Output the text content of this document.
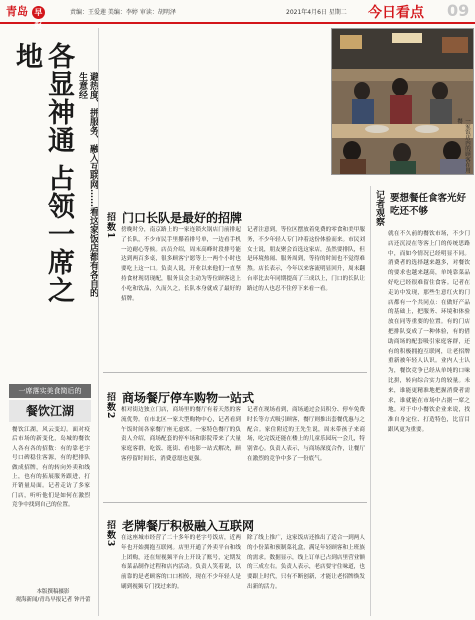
青岛 早报
责编：王爱莲 美编：李婷 审读：胡明泽	2021年4月6日 星期二 今日看点 09
各显神通 占领一席之地
避热度、拼服务、融入互联网……看这家饭店都有各自的生意经
一席落实美食简后的
餐饮江湖
餐饮江湖，风云变幻。面对疫后市场的新变化，岛城的餐饮人各有各的招数：有的靠老字号口碑稳住客源，有的把排队做成招牌，有的转向外卖和线上，也有的拓展服务跟进，打开销量局面。记者走访了多家门店，听听他们是如何在激烈竞争中找到自己的位置。
本版撰稿摄影
观海新闻/青岛早报记者 钟丹蕾
招数1 门口长队是最好的招牌
傍晚时分，南京路上的一家连锁火锅店门前排起了长队，不少市民手里攥着排号单，一边看手机一边耐心等候。店员介绍，周末高峰时段排号能达到两百多桌，很多顾客宁愿等上一两个小时也要吃上这一口。负责人说，开业以来他们一直坚持食材现切现配，服务员会主动为等位顾客送上小吃和饮品，久而久之，长队本身就成了最好的招牌。
记者注意到，等位区摆放着免费的零食和美甲服务，不少年轻人专门冲着这份体验而来。市民刘女士说，朋友聚会首选这家店，虽然要排队，但是环境热闹、服务周到，等待的时间也不觉得难熬。店长表示，今年以来客流明显回升，周末翻台率比去年同期提高了三成以上，门口的长队让路过的人也忍不住停下来看一看。
招数2 商场餐厅停车购物一站式
相对街边独立门店，商场里的餐厅有着天然的客流优势。在市北区一家大型购物中心，记者看到午饭时间各家餐厅座无虚席。一家特色餐厅的负责人介绍，商场配套的停车场和影院带来了大量家庭客群，吃饭、逛街、看电影一站式解决，顾客停留时间长，消费意愿也更强。
记者在现场看到，商场通过会员积分、停车免费时长等方式吸引顾客，餐厅则推出套餐优惠与之配合。家住附近的王先生说，周末带孩子来商场，吃完饭还能在楼上的儿童乐园玩一会儿，特别省心。负责人表示，与商场深度合作，让餐厅在激烈的竞争中多了一份底气。
招数3 老牌餐厅积极融入互联网
在这座城市经营了二十多年的老字号饭店，近两年也开始拥抱互联网。店里开通了外卖平台和线上团购，还在短视频平台上开设了账号，定期发布菜品制作过程和店内活动。负责人笑着说，以前靠的是老顾客的口口相传，现在不少年轻人是刷到视频专门找过来的。
除了线上推广，这家饭店还推出了适合一到两人的小份菜和预制菜礼盒，满足年轻顾客和上班族的需求。数据显示，线上订单已占到店里营业额的三成左右。负责人表示，老店要守住味道，也要跟上时代，只有不断创新，才能让老招牌焕发出新的活力。
一家饭店内的顾客在用餐
记者观察 要想餐任食客光好吃还不够
就在不久前的餐饮市场，不少门店还沉浸在等客上门的传统思路中，而如今情况已经明显不同。消费者的选择越来越多，对餐饮的要求也越来越高，单纯靠菜品好吃已经很难留住食客。记者在走访中发现，那些生意红火的门店都有一个共同点：在做好产品的基础上，把服务、环境和体验放在同等重要的位置。有的门店把排队变成了一种体验，有的借助商场的配套吸引家庭客群，还有的积极拥抱互联网，让老招牌重新被年轻人认识。业内人士认为，餐饮竞争已经从单纯的口味比拼，转向综合实力的较量。未来，谁能更精准地把握消费者需求，谁就能在市场中占据一席之地。对于中小餐饮企业来说，找准自身定位、打造特色，比盲目跟风更为重要。
